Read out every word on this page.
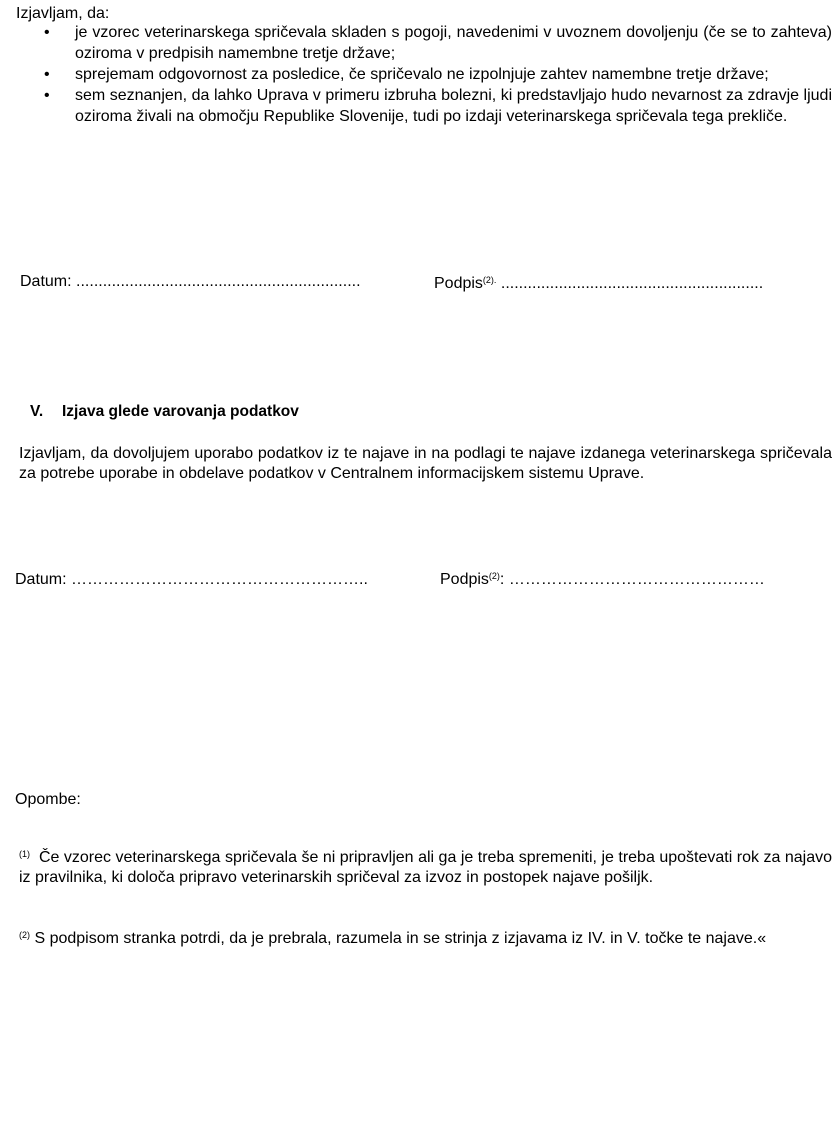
Izjavljam, da:
• je vzorec veterinarskega spričevala skladen s pogoji, navedenimi v uvoznem dovoljenju (če se to zahteva) oziroma v predpisih namembne tretje države;
• sprejemam odgovornost za posledice, če spričevalo ne izpolnjuje zahtev namembne tretje države;
• sem seznanjen, da lahko Uprava v primeru izbruha bolezni, ki predstavljajo hudo nevarnost za zdravje ljudi oziroma živali na območju Republike Slovenije, tudi po izdaji veterinarskega spričevala tega prekliče.
Datum: ................................................................	Podpis$^{(2).}$ ...........................................................
V. Izjava glede varovanja podatkov
Izjavljam, da dovoljujem uporabo podatkov iz te najave in na podlagi te najave izdanega veterinarskega spričevala za potrebe uporabe in obdelave podatkov v Centralnem informacijskem sistemu Uprave.
Datum: ………………………………………………..	Podpis$^{(2)}$: …………………………………………
Opombe:
$^{(1)}$ Če vzorec veterinarskega spričevala še ni pripravljen ali ga je treba spremeniti, je treba upoštevati rok za najavo iz pravilnika, ki določa pripravo veterinarskih spričeval za izvoz in postopek najave pošiljk.
$^{(2)}$ S podpisom stranka potrdi, da je prebrala, razumela in se strinja z izjavama iz IV. in V. točke te najave.«
